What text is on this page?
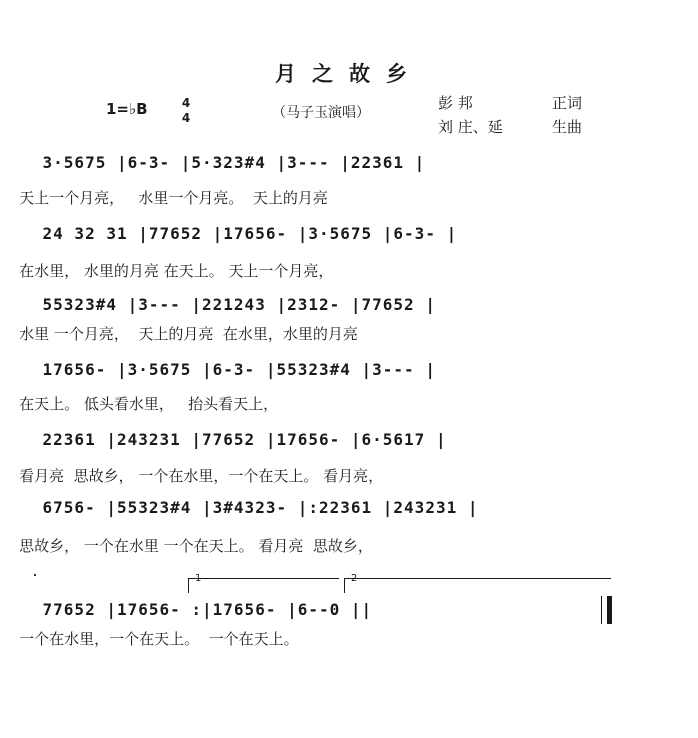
月之故乡
1=♭B	4
4	（马子玉演唱）
彭 邦	正词
刘 庄、延	生曲
3·5675 |6-3- |5·323#4 |3--- |22361 |
天上一个月亮，   水里一个月亮。  天上的月亮
24 32 31 |77652 |17656- |3·5675 |6-3- |
在水里， 水里的月亮 在天上。 天上一个月亮，
55323#4 |3--- |221243 |2312- |77652 |
水里 一个月亮，  天上的月亮  在水里，水里的月亮
17656- |3·5675 |6-3- |55323#4 |3--- |
在天上。 低头看水里，   抬头看天上，
22361 |243231 |77652 |17656- |6·5617 |
看月亮  思故乡， 一个在水里，一个在天上。 看月亮，
6756- |55323#4 |3#4323- |:22361 |243231 |
思故乡， 一个在水里 一个在天上。 看月亮  思故乡，
1	2
77652 |17656- :|17656- |6--0 ||
一个在水里，一个在天上。  一个在天上。
